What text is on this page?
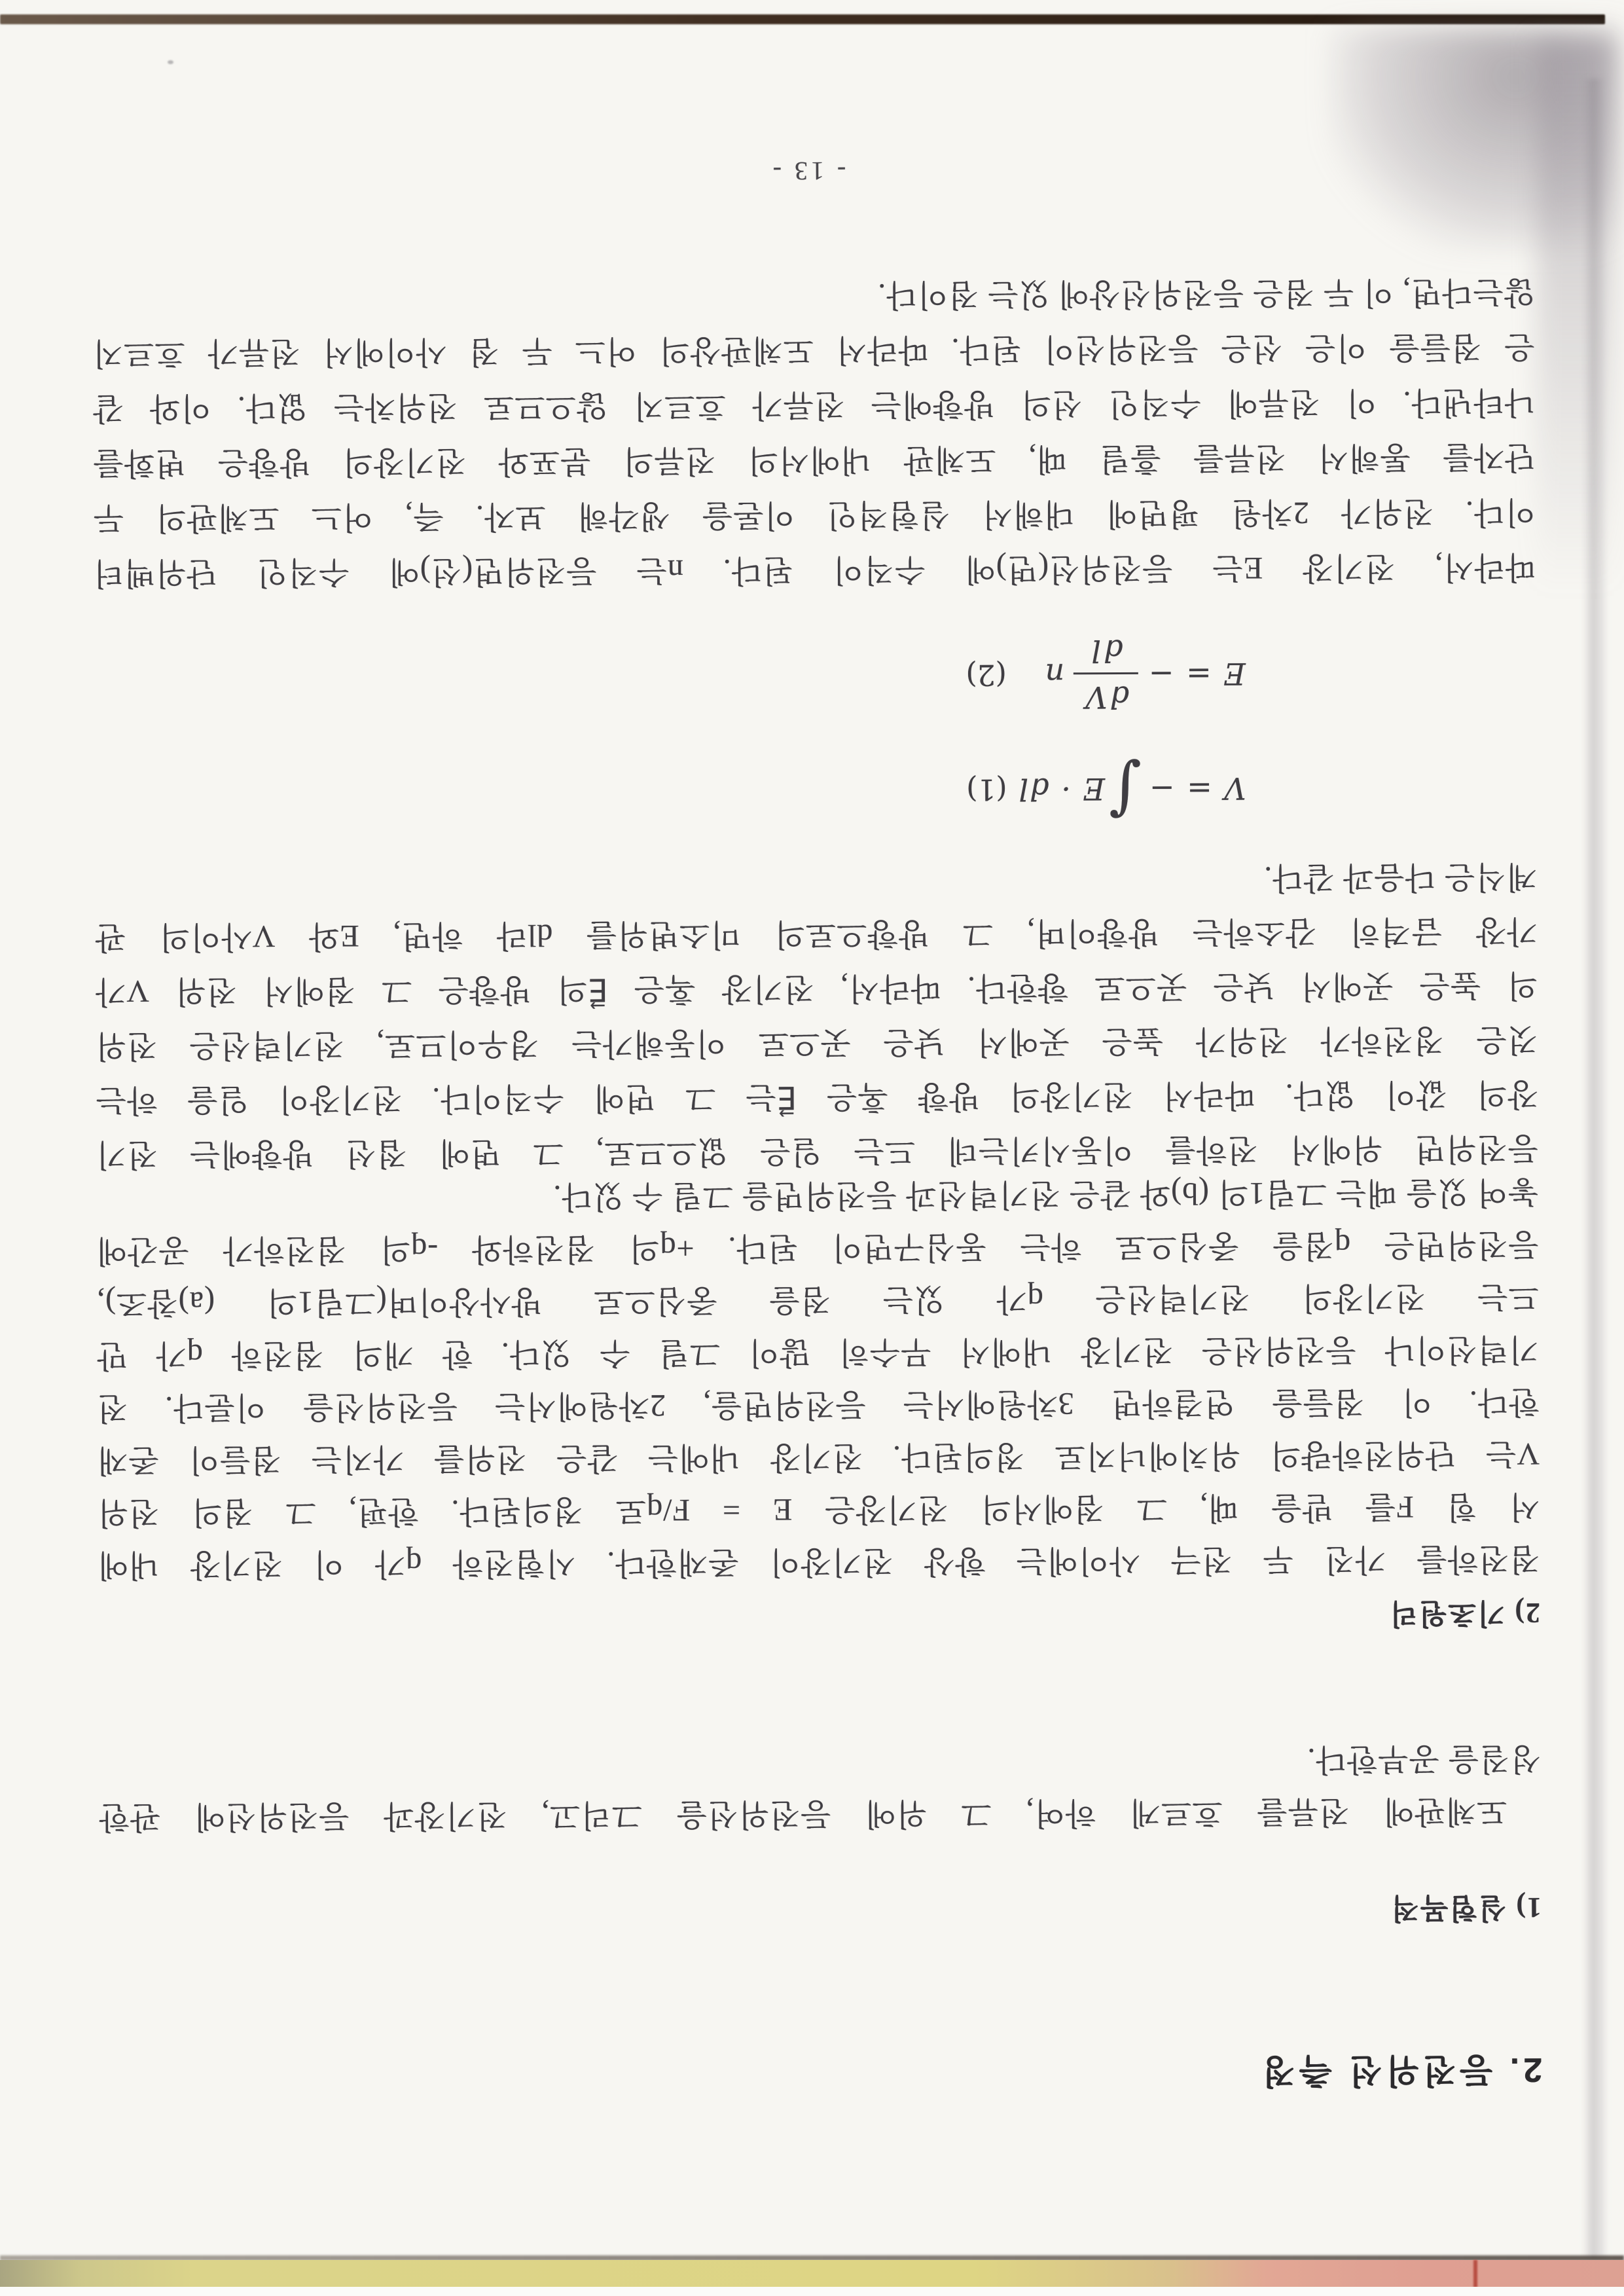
2. 등전위선 측정
1) 실험목적
도체판에 전류를 흐르게 하여, 그 위에 등전위선을 그리고, 전기장과 등전위선에 관한
성질을 공부한다.
2) 기초원리
점전하를 가진 두 전극 사이에는 항상 전기장이 존재한다. 시험전하 q가 이 전기장 내에
서 힘 F를 받을 때, 그 점에서의 전기장은 E = F/q로 정의된다. 한편, 그 점의 전위
V는 단위전하량의 위치에너지로 정의된다. 전기장 내에는 같은 전위를 가지는 점들이 존재
한다. 이 점들을 연결하면 3차원에서는 등전위면을, 2차원에서는 등전위선을 이룬다. 전
기력선이나 등전위선은 전기장 내에서 무수히 많이 그릴 수 있다. 한 개의 점전하 q가 만
드는 전기장의 전기력선은 q가 있는 점을 중심으로 방사상이며(그림1의 (a)참조),
등전위면은 q점을 중심으로 하는 동심구면이 된다. +q의 점전하와 -q의 점전하가 공간에
놓여 있을 때는 그림1의 (b)와 같은 전기력선과 등전위면을 그릴 수 있다.
등전위면 위에서 전하를 이동시키는데 드는 일은 없으므로, 그 면에 접선 방향에는 전기
장의 값이 없다. 따라서 전기장의 방향 혹은 E⃗는 그 면에 수직이다. 전기장이 일을 하는
것은 정전하가 전위가 높은 곳에서 낮은 곳으로 이동해가는 경우이므로, 전기력선은 전위
의 높은 곳에서 낮은 곳으로 향한다. 따라서, 전기장 혹은 E⃗의 방향은 그 점에서 전위 V가
가장 급격히 감소하는 방향이며, 그 방향으로의 미소변위를 dl라 하면, E와 V사이의 관
계식은 다음과 같다.
V = −
∫
E · dl
(1)
E = −
dV
dl
n
(2)
따라서, 전기장 E는 등전위선(면)에 수직이 된다. n는 등전위면(선)에 수직인 단위벡터
이다. 전위가 2차원 평면에 대해서 실험적인 이론을 생각해 보자. 즉, 어느 도체판의 두
단자를 통해서 전류를 흘릴 때, 도체판 내에서의 전류의 분포와 전기장의 방향은 변화를
나타낸다. 이 전류에 수직인 선의 방향에는 전류가 흐르지 않으므로 전위차는 없다. 이와 같
은 점들을 이은 선은 등전위선이 된다. 따라서 도체판상의 어느 두 점 사이에서 전류가 흐르지
않는다면, 이 두 점은 등전위선상에 있는 점이다.
- 13 -
